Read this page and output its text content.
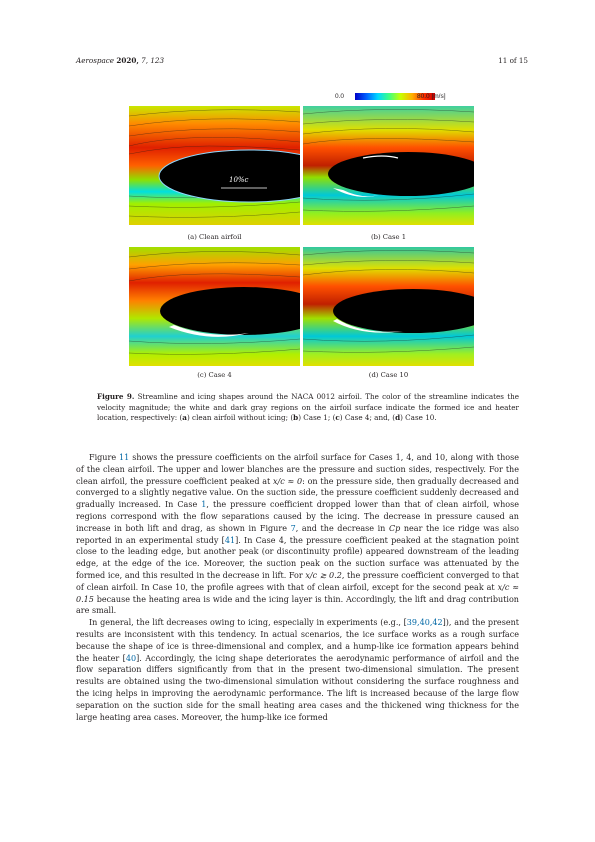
Aerospace 2020, 7, 123	11 of 15
0.0	80.0 [m/s]
10%c
(a) Clean airfoil	(b) Case 1
(c) Case 4	(d) Case 10
Figure 9. Streamline and icing shapes around the NACA 0012 airfoil. The color of the streamline indicates the velocity magnitude; the white and dark gray regions on the airfoil surface indicate the formed ice and heater location, respectively: (a) clean airfoil without icing; (b) Case 1; (c) Case 4; and, (d) Case 10.

Figure 11 shows the pressure coefficients on the airfoil surface for Cases 1, 4, and 10, along with those of the clean airfoil. The upper and lower blanches are the pressure and suction sides, respectively. For the clean airfoil, the pressure coefficient peaked at x/c ≈ 0: on the pressure side, then gradually decreased and converged to a slightly negative value. On the suction side, the pressure coefficient suddenly decreased and gradually increased. In Case 1, the pressure coefficient dropped lower than that of clean airfoil, whose regions correspond with the flow separations caused by the icing. The decrease in pressure caused an increase in both lift and drag, as shown in Figure 7, and the decrease in Cp near the ice ridge was also reported in an experimental study [41]. In Case 4, the pressure coefficient peaked at the stagnation point close to the leading edge, but another peak (or discontinuity profile) appeared downstream of the leading edge, at the edge of the ice. Moreover, the suction peak on the suction surface was attenuated by the formed ice, and this resulted in the decrease in lift. For x/c ≳ 0.2, the pressure coefficient converged to that of clean airfoil. In Case 10, the profile agrees with that of clean airfoil, except for the second peak at x/c ≈ 0.15 because the heating area is wide and the icing layer is thin. Accordingly, the lift and drag contribution are small.

In general, the lift decreases owing to icing, especially in experiments (e.g., [39,40,42]), and the present results are inconsistent with this tendency. In actual scenarios, the ice surface works as a rough surface because the shape of ice is three-dimensional and complex, and a hump-like ice formation appears behind the heater [40]. Accordingly, the icing shape deteriorates the aerodynamic performance of airfoil and the flow separation differs significantly from that in the present two-dimensional simulation. The present results are obtained using the two-dimensional simulation without considering the surface roughness and the icing helps in improving the aerodynamic performance. The lift is increased because of the large flow separation on the suction side for the small heating area cases and the thickened wing thickness for the large heating area cases. Moreover, the hump-like ice formed
